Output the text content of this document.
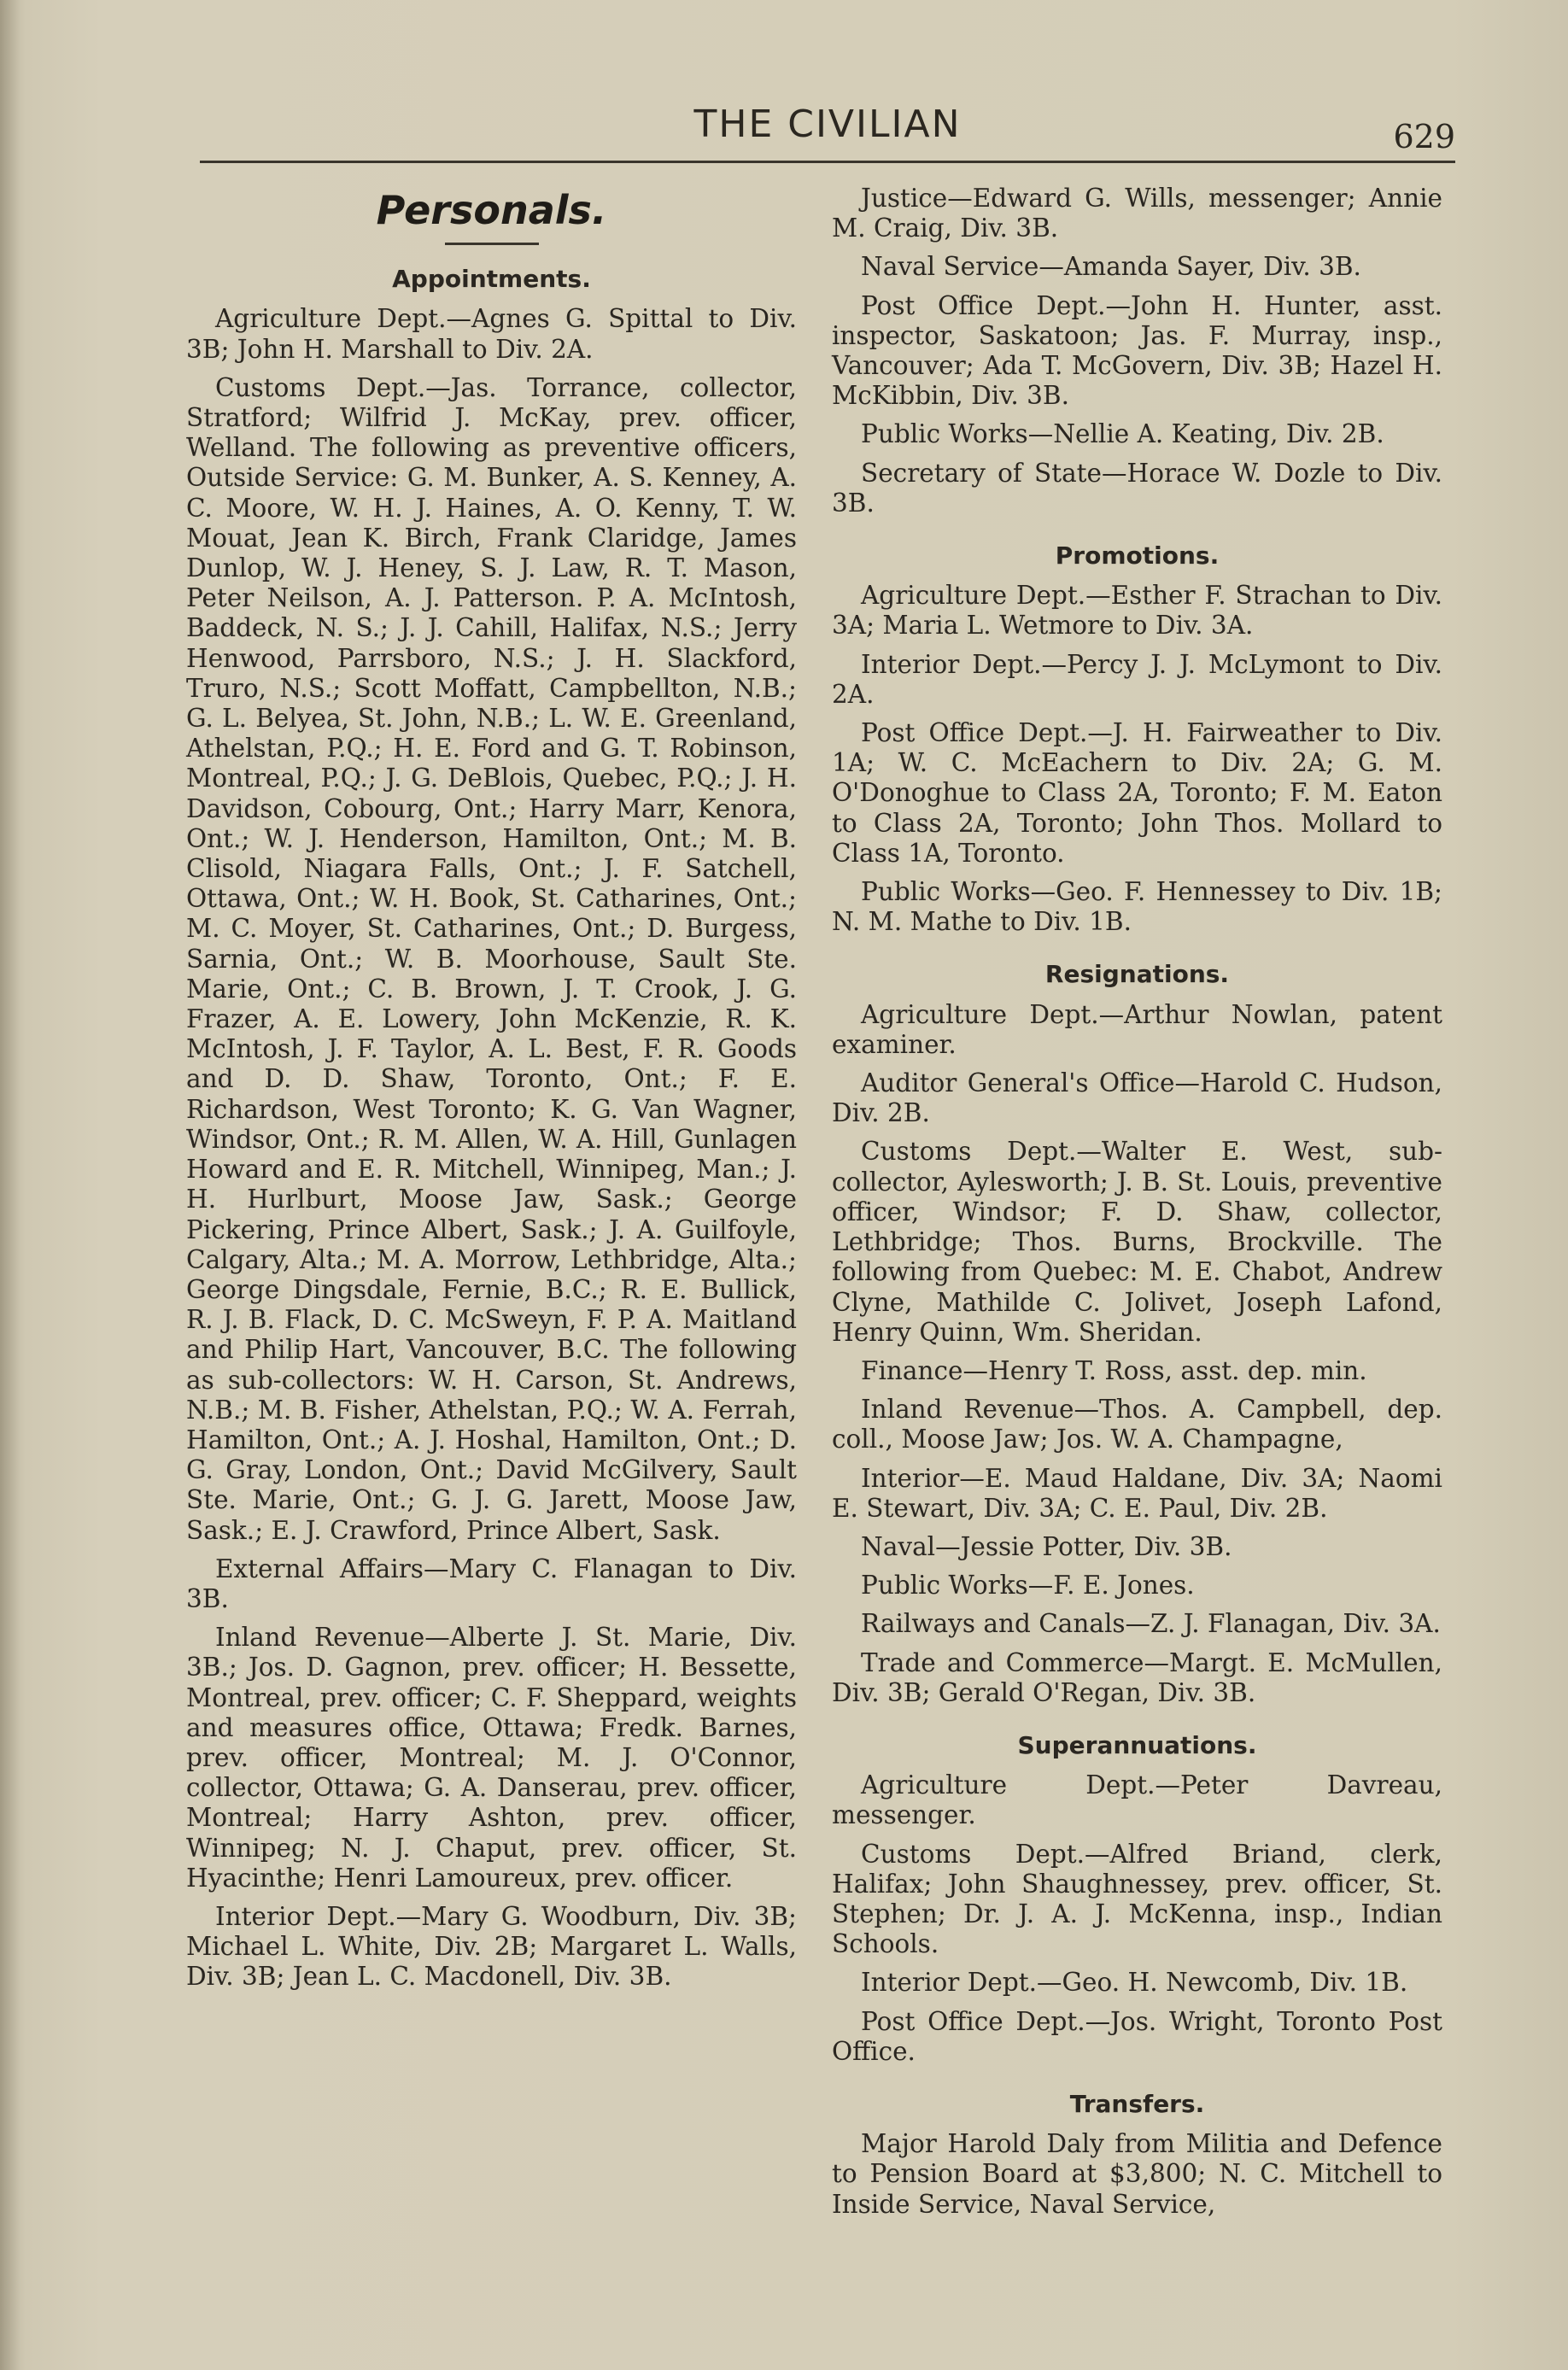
THE CIVILIAN	629
Personals.
Appointments.

Agriculture Dept.—Agnes G. Spittal to Div. 3B; John H. Marshall to Div. 2A.

Customs Dept.—Jas. Torrance, collector, Stratford; Wilfrid J. McKay, prev. officer, Welland. The following as preventive officers, Outside Service: G. M. Bunker, A. S. Kenney, A. C. Moore, W. H. J. Haines, A. O. Kenny, T. W. Mouat, Jean K. Birch, Frank Claridge, James Dunlop, W. J. Heney, S. J. Law, R. T. Mason, Peter Neilson, A. J. Patterson. P. A. McIntosh, Baddeck, N. S.; J. J. Cahill, Halifax, N.S.; Jerry Henwood, Parrsboro, N.S.; J. H. Slackford, Truro, N.S.; Scott Moffatt, Campbellton, N.B.; G. L. Belyea, St. John, N.B.; L. W. E. Greenland, Athelstan, P.Q.; H. E. Ford and G. T. Robinson, Montreal, P.Q.; J. G. DeBlois, Quebec, P.Q.; J. H. Davidson, Cobourg, Ont.; Harry Marr, Kenora, Ont.; W. J. Henderson, Hamilton, Ont.; M. B. Clisold, Niagara Falls, Ont.; J. F. Satchell, Ottawa, Ont.; W. H. Book, St. Catharines, Ont.; M. C. Moyer, St. Catharines, Ont.; D. Burgess, Sarnia, Ont.; W. B. Moorhouse, Sault Ste. Marie, Ont.; C. B. Brown, J. T. Crook, J. G. Frazer, A. E. Lowery, John McKenzie, R. K. McIntosh, J. F. Taylor, A. L. Best, F. R. Goods and D. D. Shaw, Toronto, Ont.; F. E. Richardson, West Toronto; K. G. Van Wagner, Windsor, Ont.; R. M. Allen, W. A. Hill, Gunlagen Howard and E. R. Mitchell, Winnipeg, Man.; J. H. Hurlburt, Moose Jaw, Sask.; George Pickering, Prince Albert, Sask.; J. A. Guilfoyle, Calgary, Alta.; M. A. Morrow, Lethbridge, Alta.; George Dingsdale, Fernie, B.C.; R. E. Bullick, R. J. B. Flack, D. C. McSweyn, F. P. A. Maitland and Philip Hart, Vancouver, B.C. The following as sub-collectors: W. H. Carson, St. Andrews, N.B.; M. B. Fisher, Athelstan, P.Q.; W. A. Ferrah, Hamilton, Ont.; A. J. Hoshal, Hamilton, Ont.; D. G. Gray, London, Ont.; David McGilvery, Sault Ste. Marie, Ont.; G. J. G. Jarett, Moose Jaw, Sask.; E. J. Crawford, Prince Albert, Sask.

External Affairs—Mary C. Flanagan to Div. 3B.

Inland Revenue—Alberte J. St. Marie, Div. 3B.; Jos. D. Gagnon, prev. officer; H. Bessette, Montreal, prev. officer; C. F. Sheppard, weights and measures office, Ottawa; Fredk. Barnes, prev. officer, Montreal; M. J. O'Connor, collector, Ottawa; G. A. Danserau, prev. officer, Montreal; Harry Ashton, prev. officer, Winnipeg; N. J. Chaput, prev. officer, St. Hyacinthe; Henri Lamoureux, prev. officer.

Interior Dept.—Mary G. Woodburn, Div. 3B; Michael L. White, Div. 2B; Margaret L. Walls, Div. 3B; Jean L. C. Macdonell, Div. 3B.

Justice—Edward G. Wills, messenger; Annie M. Craig, Div. 3B.

Naval Service—Amanda Sayer, Div. 3B.

Post Office Dept.—John H. Hunter, asst. inspector, Saskatoon; Jas. F. Murray, insp., Vancouver; Ada T. McGovern, Div. 3B; Hazel H. McKibbin, Div. 3B.

Public Works—Nellie A. Keating, Div. 2B.

Secretary of State—Horace W. Dozle to Div. 3B.

Promotions.

Agriculture Dept.—Esther F. Strachan to Div. 3A; Maria L. Wetmore to Div. 3A.

Interior Dept.—Percy J. J. McLymont to Div. 2A.

Post Office Dept.—J. H. Fairweather to Div. 1A; W. C. McEachern to Div. 2A; G. M. O'Donoghue to Class 2A, Toronto; F. M. Eaton to Class 2A, Toronto; John Thos. Mollard to Class 1A, Toronto.

Public Works—Geo. F. Hennessey to Div. 1B; N. M. Mathe to Div. 1B.

Resignations.

Agriculture Dept.—Arthur Nowlan, patent examiner.

Auditor General's Office—Harold C. Hudson, Div. 2B.

Customs Dept.—Walter E. West, sub-collector, Aylesworth; J. B. St. Louis, preventive officer, Windsor; F. D. Shaw, collector, Lethbridge; Thos. Burns, Brockville. The following from Quebec: M. E. Chabot, Andrew Clyne, Mathilde C. Jolivet, Joseph Lafond, Henry Quinn, Wm. Sheridan.

Finance—Henry T. Ross, asst. dep. min.

Inland Revenue—Thos. A. Campbell, dep. coll., Moose Jaw; Jos. W. A. Champagne,

Interior—E. Maud Haldane, Div. 3A; Naomi E. Stewart, Div. 3A; C. E. Paul, Div. 2B.

Naval—Jessie Potter, Div. 3B.

Public Works—F. E. Jones.

Railways and Canals—Z. J. Flanagan, Div. 3A.

Trade and Commerce—Margt. E. McMullen, Div. 3B; Gerald O'Regan, Div. 3B.

Superannuations.

Agriculture Dept.—Peter Davreau, messenger.

Customs Dept.—Alfred Briand, clerk, Halifax; John Shaughnessey, prev. officer, St. Stephen; Dr. J. A. J. McKenna, insp., Indian Schools.

Interior Dept.—Geo. H. Newcomb, Div. 1B.

Post Office Dept.—Jos. Wright, Toronto Post Office.

Transfers.

Major Harold Daly from Militia and Defence to Pension Board at $3,800; N. C. Mitchell to Inside Service, Naval Service,
